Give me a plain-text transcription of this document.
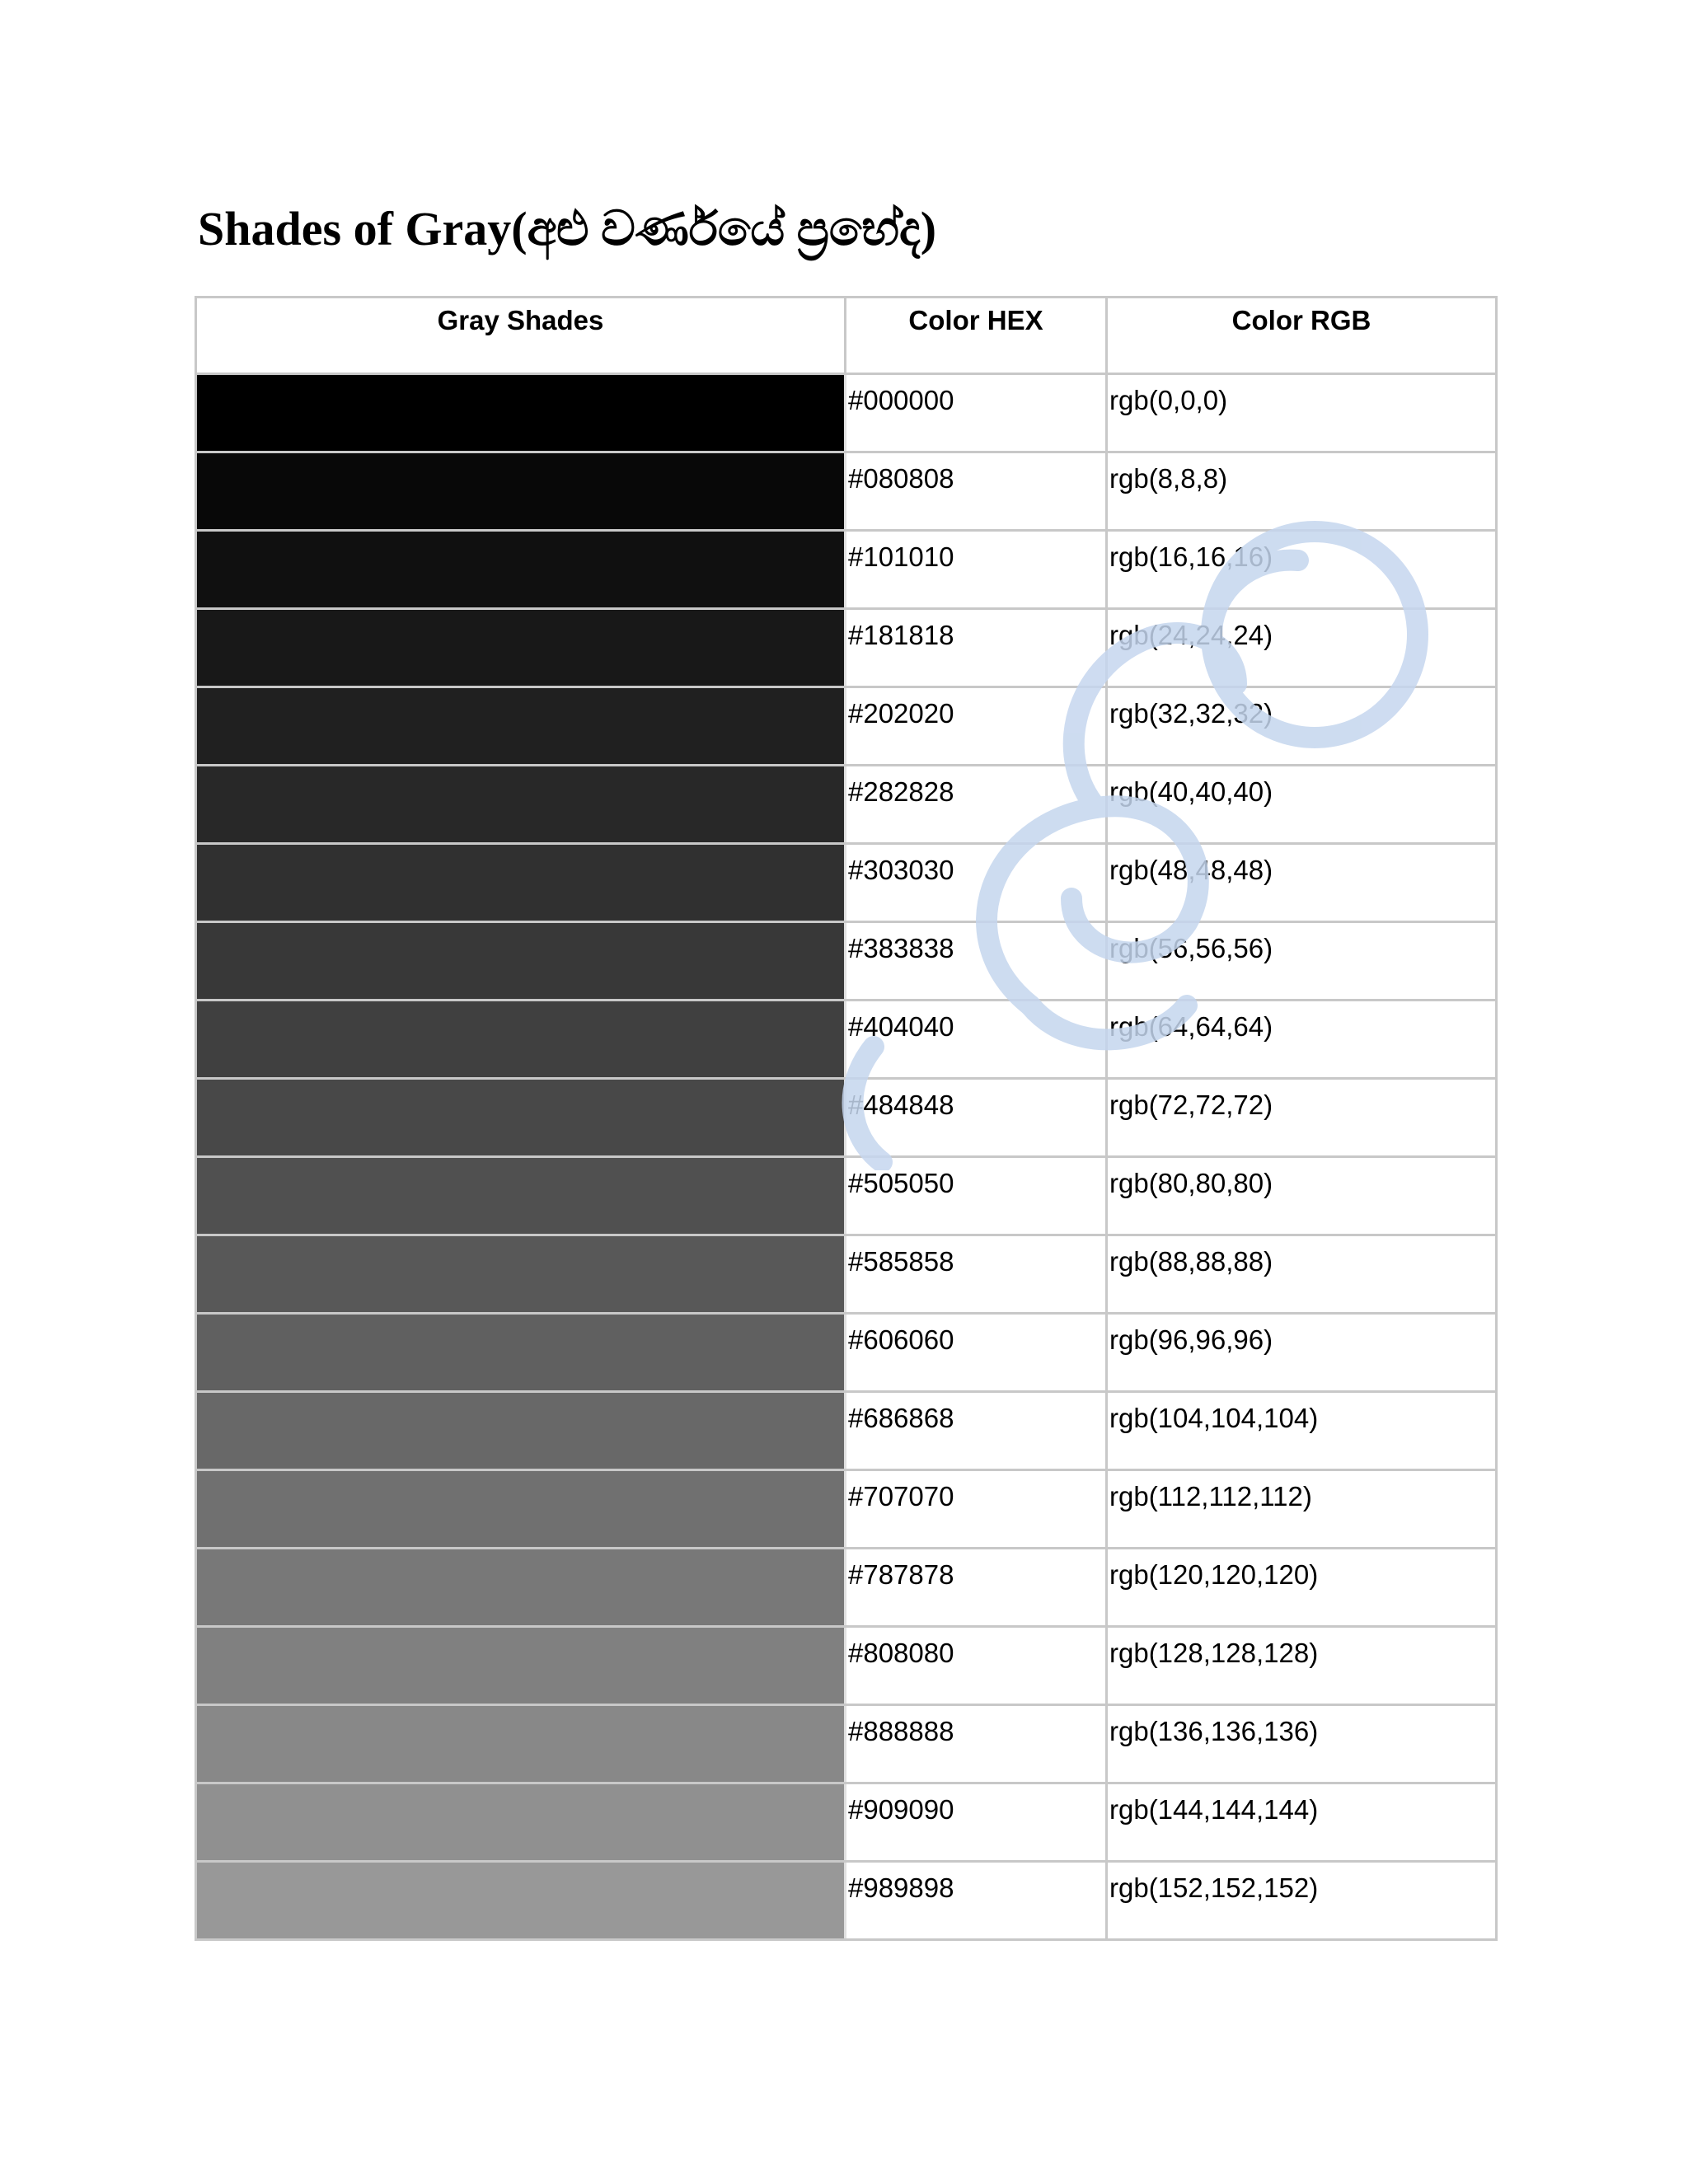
Shades of Gray(අළු වර්ණයේ ප්‍රභේද)
Gray Shades	Color HEX	Color RGB
	#000000	rgb(0,0,0)
	#080808	rgb(8,8,8)
	#101010	rgb(16,16,16)
	#181818	rgb(24,24,24)
	#202020	rgb(32,32,32)
	#282828	rgb(40,40,40)
	#303030	rgb(48,48,48)
	#383838	rgb(56,56,56)
	#404040	rgb(64,64,64)
	#484848	rgb(72,72,72)
	#505050	rgb(80,80,80)
	#585858	rgb(88,88,88)
	#606060	rgb(96,96,96)
	#686868	rgb(104,104,104)
	#707070	rgb(112,112,112)
	#787878	rgb(120,120,120)
	#808080	rgb(128,128,128)
	#888888	rgb(136,136,136)
	#909090	rgb(144,144,144)
	#989898	rgb(152,152,152)
